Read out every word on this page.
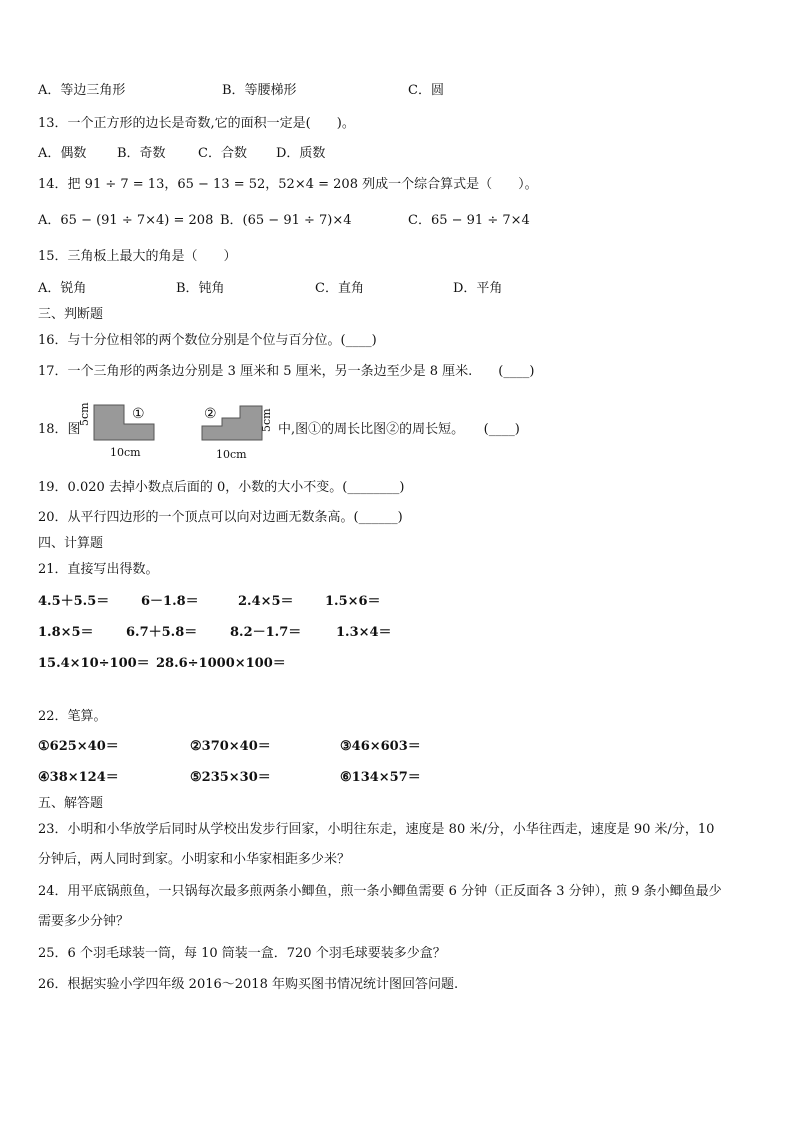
A．等边三角形	B．等腰梯形	C．圆
13．一个正方形的边长是奇数,它的面积一定是(　　)。
A．偶数 B．奇数 C．合数 D．质数
14．把 91 ÷ 7 = 13，65 − 13 = 52，52×4 = 208 列成一个综合算式是（　　）。
A．65 − (91 ÷ 7×4) = 208 B．(65 − 91 ÷ 7)×4	C．65 − 91 ÷ 7×4
15．三角板上最大的角是（　　）
A．锐角	B．钝角	C．直角	D．平角
三、判断题
16．与十分位相邻的两个数位分别是个位与百分位。(____)
17．一个三角形的两条边分别是 3 厘米和 5 厘米，另一条边至少是 8 厘米.　　(____)
18．图
5cm	①
10cm
②	5cm
10cm
中,图①的周长比图②的周长短。　　(____)
19．0.020 去掉小数点后面的 0，小数的大小不变。(________)
20．从平行四边形的一个顶点可以向对边画无数条高。(______)
四、计算题
21．直接写出得数。
4.5＋5.5＝ 6－1.8＝	2.4×5＝ 1.5×6＝
1.8×5＝ 6.7＋5.8＝	8.2－1.7＝	1.3×4＝
15.4×10÷100＝ 28.6÷1000×100＝
22．笔算。
①625×40＝	②370×40＝	③46×603＝
④38×124＝	⑤235×30＝	⑥134×57＝
五、解答题
23．小明和小华放学后同时从学校出发步行回家，小明往东走，速度是 80 米/分，小华往西走，速度是 90 米/分，10
分钟后，两人同时到家。小明家和小华家相距多少米？
24．用平底锅煎鱼，一只锅每次最多煎两条小鲫鱼，煎一条小鲫鱼需要 6 分钟（正反面各 3 分钟），煎 9 条小鲫鱼最少
需要多少分钟？
25．6 个羽毛球装一筒，每 10 筒装一盒．720 个羽毛球要装多少盒？
26．根据实验小学四年级 2016～2018 年购买图书情况统计图回答问题.
